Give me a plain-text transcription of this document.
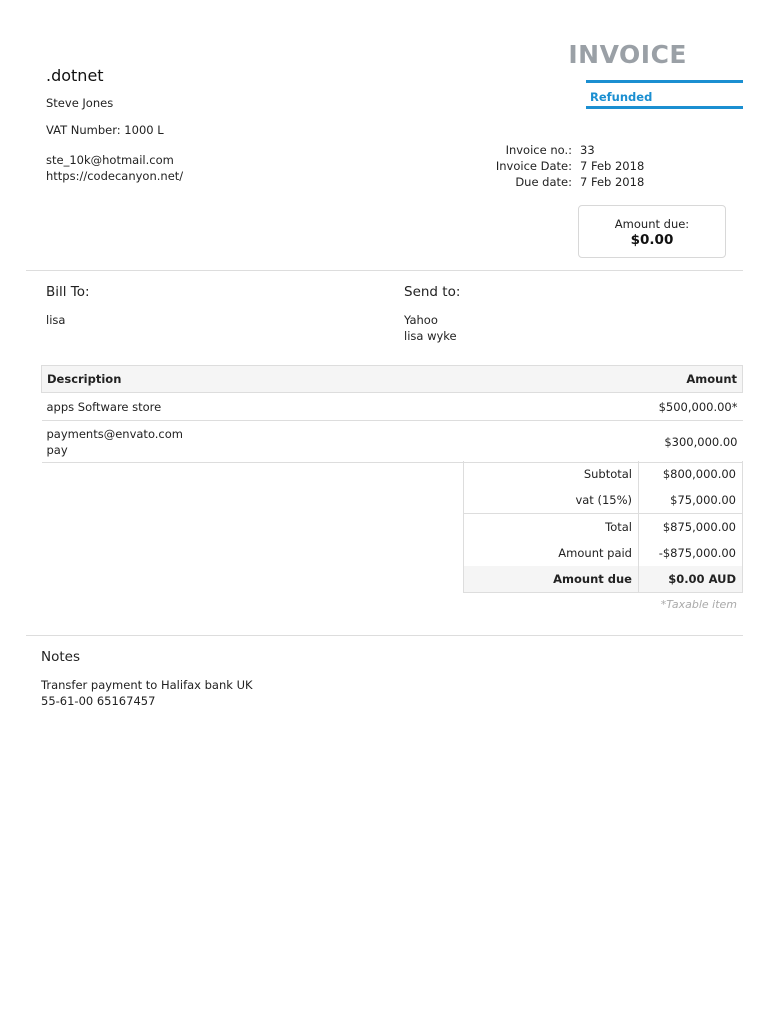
.dotnet
Steve Jones
VAT Number: 1000 L
ste_10k@hotmail.com
https://codecanyon.net/
INVOICE
Refunded
Invoice no.: 33
Invoice Date: 7 Feb 2018
Due date: 7 Feb 2018
Amount due:
$0.00
Bill To:
lisa
Send to:
Yahoo
lisa wyke
Description	Amount

apps Software store	$500,000.00*

payments@envato.com
pay	$300,000.00
Subtotal	$800,000.00
vat (15%)	$75,000.00
Total	$875,000.00
Amount paid	-$875,000.00
Amount due	$0.00 AUD
*Taxable item
Notes
Transfer payment to Halifax bank UK
55-61-00 65167457
